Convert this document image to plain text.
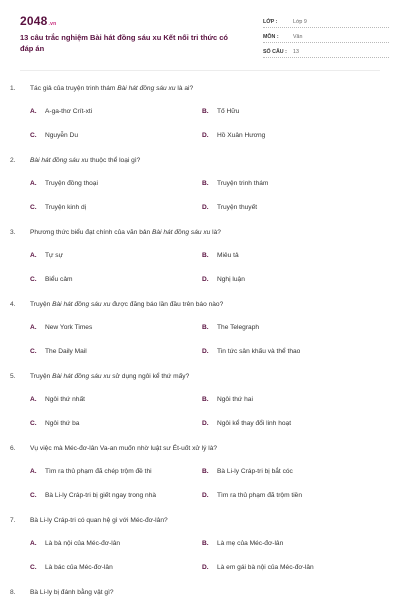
2048.vn
13 câu trắc nghiệm Bài hát đồng sáu xu Kết nối tri thức có đáp án
LỚP :	Lớp 9
MÔN :	Văn
SỐ CÂU :	13
1.	Tác giả của truyện trinh thám Bài hát đồng sáu xu là ai?
A.	A-ga-thơ Crít-xti	B.	Tố Hữu
C.	Nguyễn Du	D.	Hồ Xuân Hương
2.	Bài hát đồng sáu xu thuộc thể loại gì?
A.	Truyện đồng thoại	B.	Truyện trinh thám
C.	Truyện kinh dị	D.	Truyện thuyết
3.	Phương thức biểu đạt chính của văn bản Bài hát đồng sáu xu là?
A.	Tự sự	B.	Miêu tả
C.	Biểu cảm	D.	Nghị luận
4.	Truyện Bài hát đồng sáu xu được đăng báo lần đầu trên báo nào?
A.	New York Times	B.	The Telegraph
C.	The Daily Mail	D.	Tin tức sân khấu và thể thao
5.	Truyện Bài hát đồng sáu xu sử dụng ngôi kể thứ mấy?
A.	Ngôi thứ nhất	B.	Ngôi thứ hai
C.	Ngôi thứ ba	D.	Ngôi kể thay đổi linh hoạt
6.	Vụ việc mà Méc-đơ-lân Va-an muốn nhờ luật sư Ét-uốt xử lý là?
A.	Tìm ra thủ phạm đã chép trộm đề thi	B.	Bà Li-ly Cráp-tri bị bắt cóc
C.	Bà Li-ly Cráp-tri bị giết ngay trong nhà	D.	Tìm ra thủ phạm đã trộm tiền
7.	Bà Li-ly Cráp-tri có quan hệ gì với Méc-đơ-lân?
A.	Là bà nội của Méc-đơ-lân	B.	Là mẹ của Méc-đơ-lân
C.	Là bác của Méc-đơ-lân	D.	Là em gái bà nội của Méc-đơ-lân
8.	Bà Li-ly bị đánh bằng vật gì?
